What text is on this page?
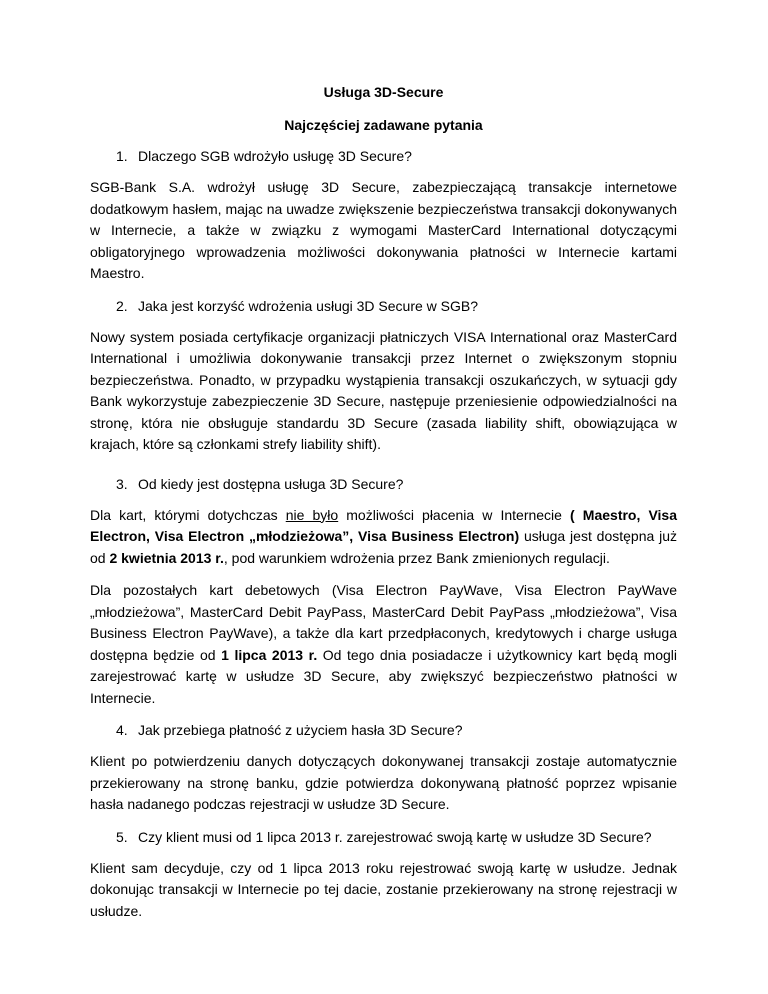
Usługa 3D-Secure

Najczęściej zadawane pytania

1. Dlaczego SGB wdrożyło usługę 3D Secure?

SGB-Bank S.A. wdrożył usługę 3D Secure, zabezpieczającą transakcje internetowe dodatkowym hasłem, mając na uwadze zwiększenie bezpieczeństwa transakcji dokonywanych w Internecie, a także w związku z wymogami MasterCard International dotyczącymi obligatoryjnego wprowadzenia możliwości dokonywania płatności w Internecie kartami Maestro.

2. Jaka jest korzyść wdrożenia usługi 3D Secure w SGB?

Nowy system posiada certyfikacje organizacji płatniczych VISA International oraz MasterCard International i umożliwia dokonywanie transakcji przez Internet o zwiększonym stopniu bezpieczeństwa. Ponadto, w przypadku wystąpienia transakcji oszukańczych, w sytuacji gdy Bank wykorzystuje zabezpieczenie 3D Secure, następuje przeniesienie odpowiedzialności na stronę, która nie obsługuje standardu 3D Secure (zasada liability shift, obowiązująca w krajach, które są członkami strefy liability shift).

3. Od kiedy jest dostępna usługa 3D Secure?

Dla kart, którymi dotychczas nie było możliwości płacenia w Internecie ( Maestro, Visa Electron, Visa Electron „młodzieżowa”, Visa Business Electron) usługa jest dostępna już od 2 kwietnia 2013 r., pod warunkiem wdrożenia przez Bank zmienionych regulacji.

Dla pozostałych kart debetowych (Visa Electron PayWave, Visa Electron PayWave „młodzieżowa”, MasterCard Debit PayPass, MasterCard Debit PayPass „młodzieżowa”, Visa Business Electron PayWave), a także dla kart przedpłaconych, kredytowych i charge usługa dostępna będzie od 1 lipca 2013 r. Od tego dnia posiadacze i użytkownicy kart będą mogli zarejestrować kartę w usłudze 3D Secure, aby zwiększyć bezpieczeństwo płatności w Internecie.

4. Jak przebiega płatność z użyciem hasła 3D Secure?

Klient po potwierdzeniu danych dotyczących dokonywanej transakcji zostaje automatycznie przekierowany na stronę banku, gdzie potwierdza dokonywaną płatność poprzez wpisanie hasła nadanego podczas rejestracji w usłudze 3D Secure.

5. Czy klient musi od 1 lipca 2013 r. zarejestrować swoją kartę w usłudze 3D Secure?

Klient sam decyduje, czy od 1 lipca 2013 roku rejestrować swoją kartę w usłudze. Jednak dokonując transakcji w Internecie po tej dacie, zostanie przekierowany na stronę rejestracji w usłudze.
